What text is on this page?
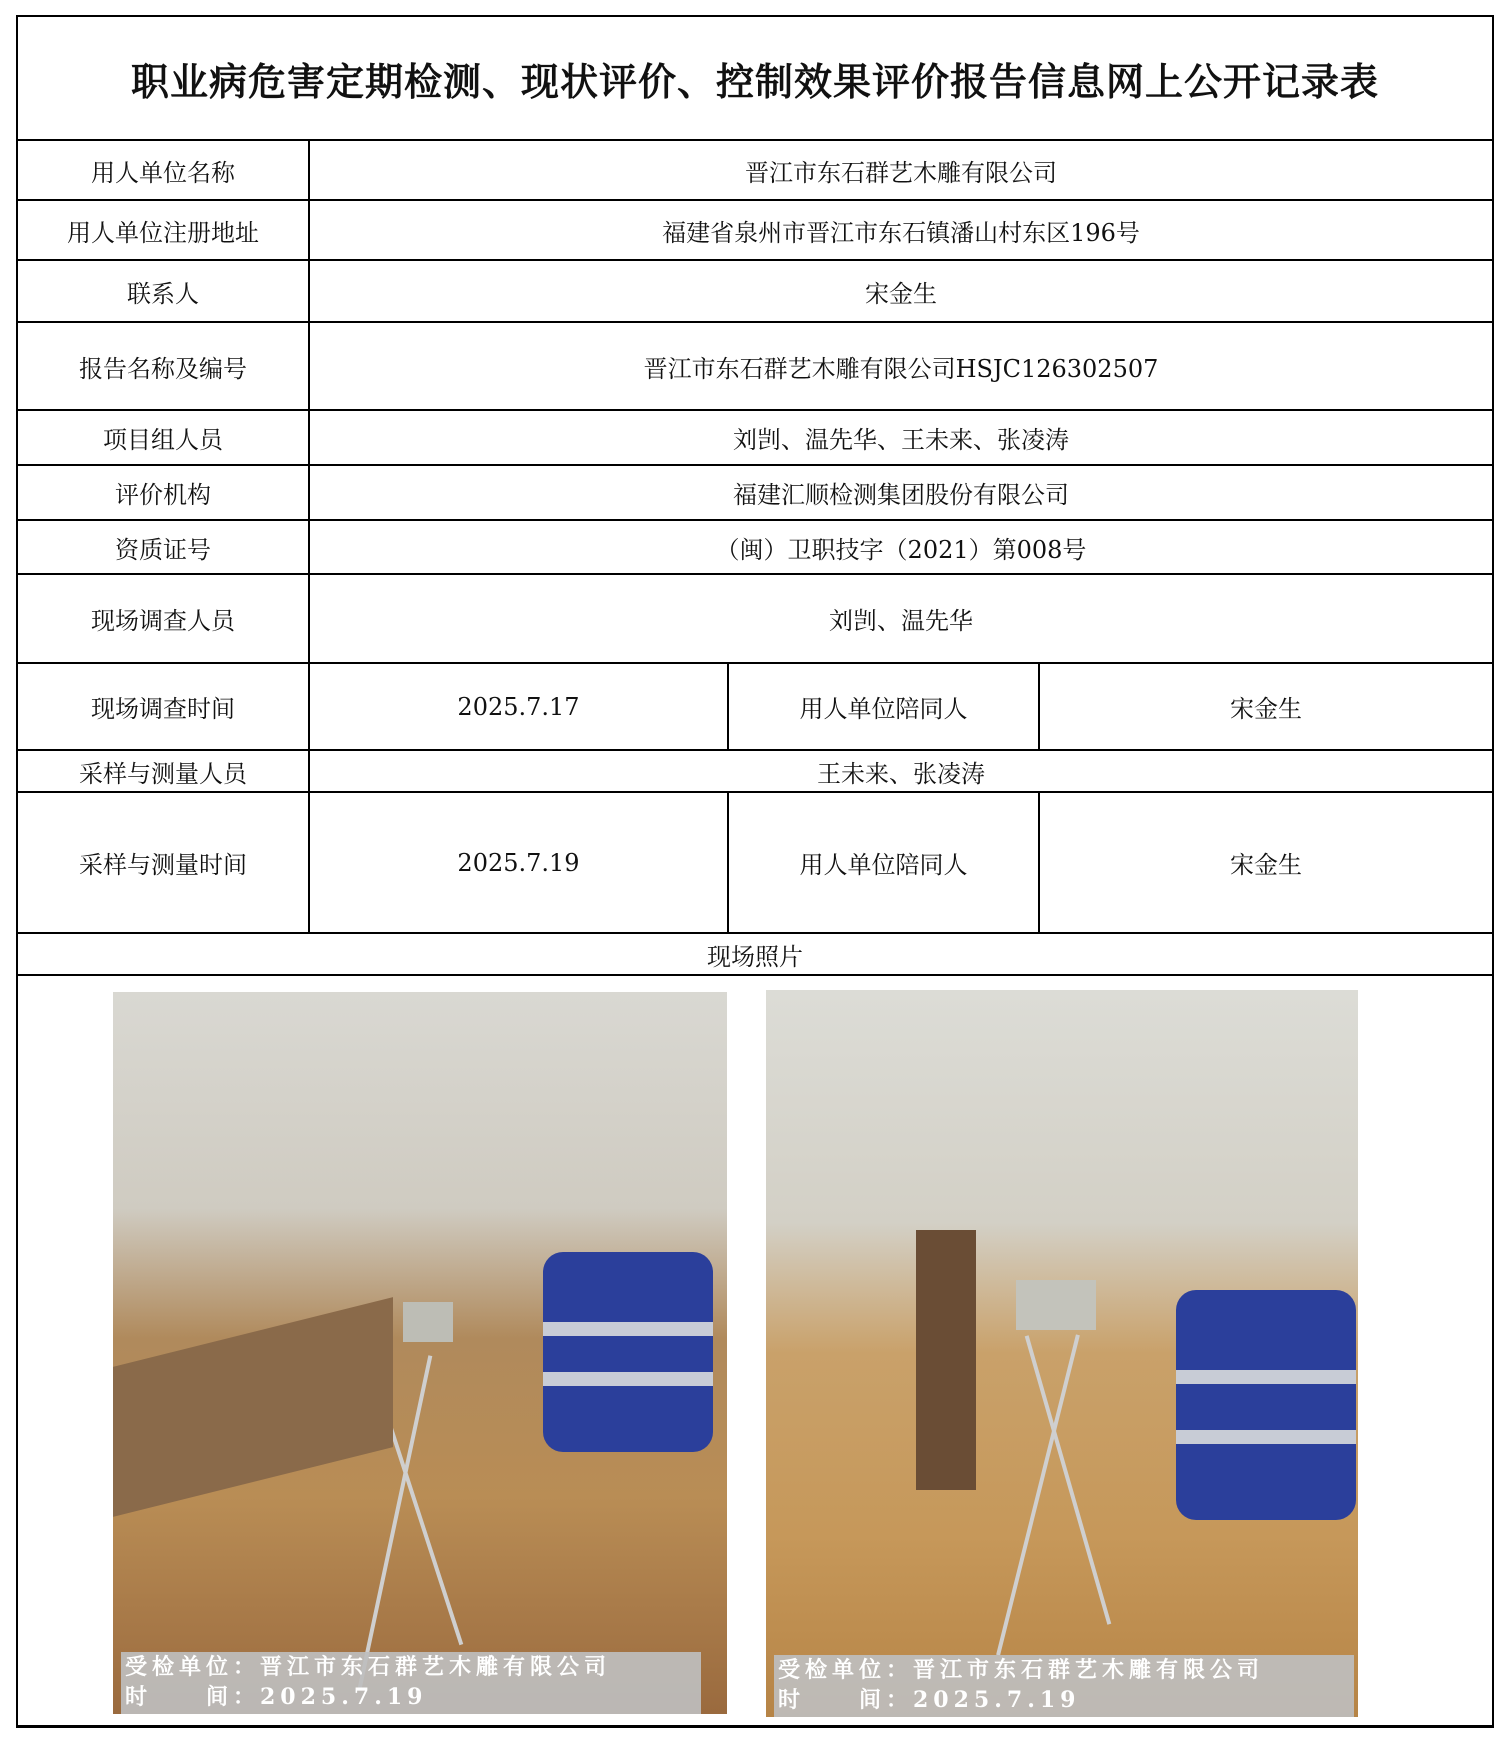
职业病危害定期检测、现状评价、控制效果评价报告信息网上公开记录表
用人单位名称	晋江市东石群艺木雕有限公司
用人单位注册地址	福建省泉州市晋江市东石镇潘山村东区196号
联系人	宋金生
报告名称及编号	晋江市东石群艺木雕有限公司HSJC126302507
项目组人员	刘剀、温先华、王未来、张凌涛
评价机构	福建汇顺检测集团股份有限公司
资质证号	（闽）卫职技字（2021）第008号
现场调查人员	刘剀、温先华
现场调查时间	2025.7.17	用人单位陪同人	宋金生
采样与测量人员	王未来、张凌涛
采样与测量时间	2025.7.19	用人单位陪同人	宋金生
现场照片
受检单位：晋江市东石群艺木雕有限公司
时　　间：2025.7.19
受检单位：晋江市东石群艺木雕有限公司
时　　间：2025.7.19
